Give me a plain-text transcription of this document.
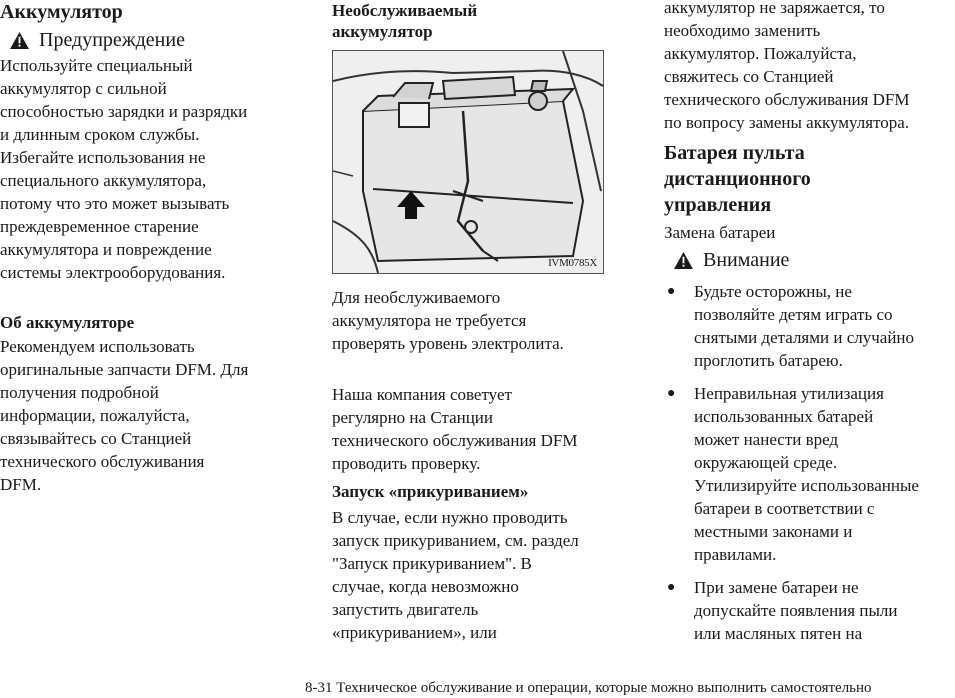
Аккумулятор
Предупреждение

Используйте специальный

аккумулятор с сильной

способностью зарядки и разрядки

и длинным сроком службы.

Избегайте использования не

специального аккумулятора,

потому что это может вызывать

преждевременное старение

аккумулятора и повреждение

системы электрооборудования.

Об аккумуляторе

Рекомендуем использовать

оригинальные запчасти DFM. Для

получения подробной

информации, пожалуйста,

связывайтесь со Станцией

технического обслуживания

DFM.

Необслуживаемый

аккумулятор

IVM0785X

Для необслуживаемого

аккумулятора не требуется

проверять уровень электролита.

Наша компания советует

регулярно на Станции

технического обслуживания DFM

проводить проверку.

Запуск «прикуриванием»

В случае, если нужно проводить

запуск прикуриванием, см. раздел

"Запуск прикуриванием". В

случае, когда невозможно

запустить двигатель

«прикуриванием», или

аккумулятор не заряжается, то

необходимо заменить

аккумулятор. Пожалуйста,

свяжитесь со Станцией

технического обслуживания DFM

по вопросу замены аккумулятора.

Батарея пульта

дистанционного

управления

Замена батареи

Внимание
●	Будьте осторожны, не

позволяйте детям играть со

снятыми деталями и случайно

проглотить батарею.

●	Неправильная утилизация

использованных батарей

может нанести вред

окружающей среде.

Утилизируйте использованные

батареи в соответствии с

местными законами и

правилами.

●	При замене батареи не

допускайте появления пыли

или масляных пятен на

8-31 Техническое обслуживание и операции, которые можно выполнить самостоятельно
